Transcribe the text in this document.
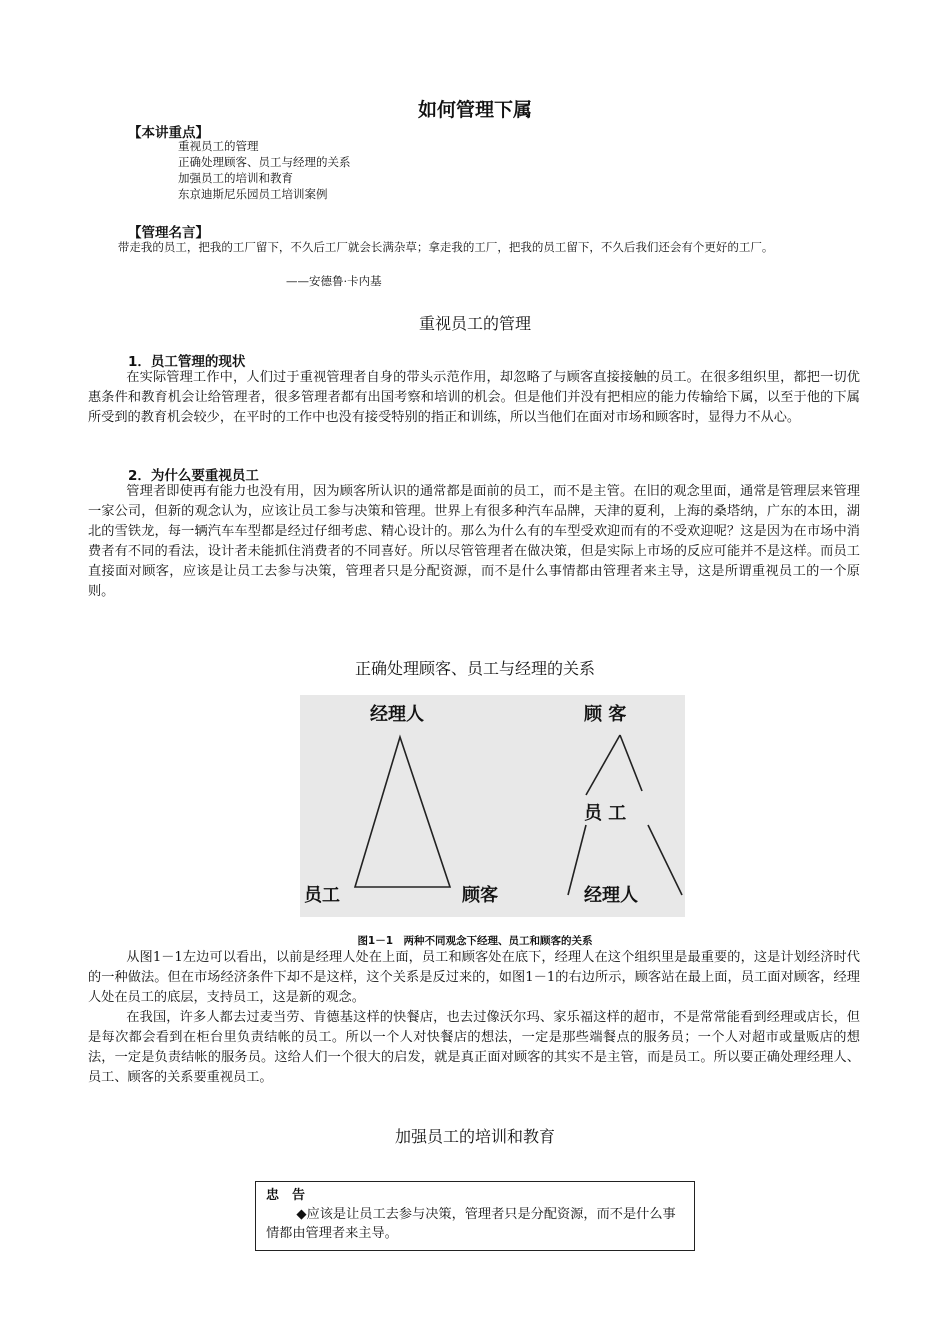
如何管理下属
【本讲重点】
重视员工的管理
正确处理顾客、员工与经理的关系
加强员工的培训和教育
东京迪斯尼乐园员工培训案例
【管理名言】
带走我的员工，把我的工厂留下，不久后工厂就会长满杂草；拿走我的工厂，把我的员工留下，不久后我们还会有个更好的工厂。
——安德鲁·卡内基
重视员工的管理
1．员工管理的现状
在实际管理工作中，人们过于重视管理者自身的带头示范作用，却忽略了与顾客直接接触的员工。在很多组织里，都把一切优惠条件和教育机会让给管理者，很多管理者都有出国考察和培训的机会。但是他们并没有把相应的能力传输给下属，以至于他的下属所受到的教育机会较少，在平时的工作中也没有接受特别的指正和训练，所以当他们在面对市场和顾客时，显得力不从心。
2．为什么要重视员工
管理者即使再有能力也没有用，因为顾客所认识的通常都是面前的员工，而不是主管。在旧的观念里面，通常是管理层来管理一家公司，但新的观念认为，应该让员工参与决策和管理。世界上有很多种汽车品牌，天津的夏利，上海的桑塔纳，广东的本田，湖北的雪铁龙，每一辆汽车车型都是经过仔细考虑、精心设计的。那么为什么有的车型受欢迎而有的不受欢迎呢？这是因为在市场中消费者有不同的看法，设计者未能抓住消费者的不同喜好。所以尽管管理者在做决策，但是实际上市场的反应可能并不是这样。而员工直接面对顾客，应该是让员工去参与决策，管理者只是分配资源，而不是什么事情都由管理者来主导，这是所谓重视员工的一个原则。
正确处理顾客、员工与经理的关系
经理人
员工	顾客
顾 客
员 工
经理人
图1－1　两种不同观念下经理、员工和顾客的关系

从图1－1左边可以看出，以前是经理人处在上面，员工和顾客处在底下，经理人在这个组织里是最重要的，这是计划经济时代的一种做法。但在市场经济条件下却不是这样，这个关系是反过来的，如图1－1的右边所示，顾客站在最上面，员工面对顾客，经理人处在员工的底层，支持员工，这是新的观念。

在我国，许多人都去过麦当劳、肯德基这样的快餐店，也去过像沃尔玛、家乐福这样的超市，不是常常能看到经理或店长，但是每次都会看到在柜台里负责结帐的员工。所以一个人对快餐店的想法，一定是那些端餐点的服务员；一个人对超市或量贩店的想法，一定是负责结帐的服务员。这给人们一个很大的启发，就是真正面对顾客的其实不是主管，而是员工。所以要正确处理经理人、员工、顾客的关系要重视员工。

加强员工的培训和教育
忠　告
◆应该是让员工去参与决策，管理者只是分配资源，而不是什么事情都由管理者来主导。
